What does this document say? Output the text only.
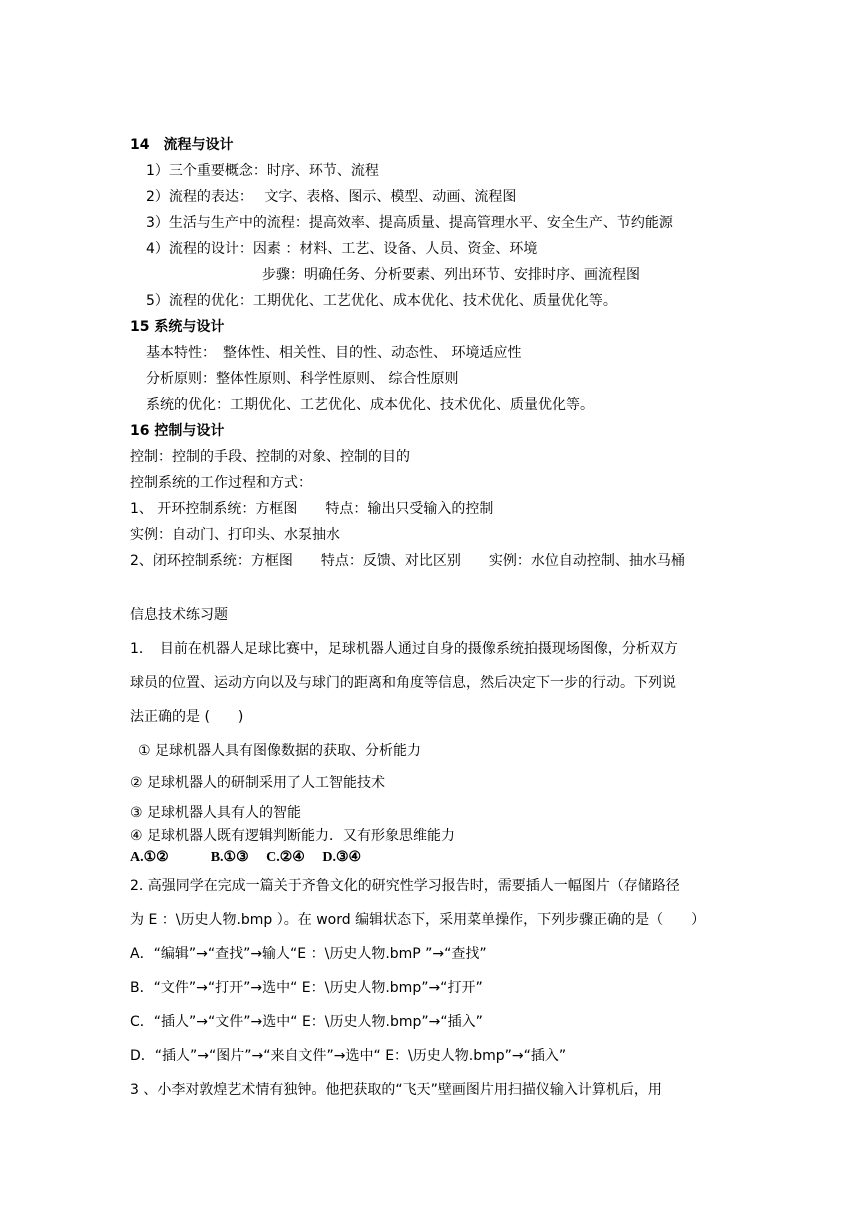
14　流程与设计
1）三个重要概念：时序、环节、流程
2）流程的表达：　 文字、表格、图示、模型、动画、流程图
3）生活与生产中的流程：提高效率、提高质量、提高管理水平、安全生产、节约能源
4）流程的设计：因素 ：材料、工艺、设备、人员、资金、环境
步骤：明确任务、分析要素、列出环节、安排时序、画流程图
5）流程的优化：工期优化、工艺优化、成本优化、技术优化、质量优化等。
15 系统与设计
基本特性：　整体性、相关性、目的性、动态性、 环境适应性
分析原则：整体性原则、科学性原则、 综合性原则
系统的优化：工期优化、工艺优化、成本优化、技术优化、质量优化等。
16 控制与设计
控制：控制的手段、控制的对象、控制的目的
控制系统的工作过程和方式：
1、 开环控制系统：方框图　　特点：输出只受输入的控制
实例：自动门、打印头、水泵抽水
2、闭环控制系统：方框图　　特点：反馈、对比区别　　实例：水位自动控制、抽水马桶
信息技术练习题
1．　目前在机器人足球比赛中，足球机器人通过自身的摄像系统拍摄现场图像，分析双方
球员的位置、运动方向以及与球门的距离和角度等信息，然后决定下一步的行动。下列说
法正确的是 (　　)
① 足球机器人具有图像数据的获取、分析能力
② 足球机器人的研制采用了人工智能技术
③ 足球机器人具有人的智能
④ 足球机器人既有逻辑判断能力．又有形象思维能力
A.①②　　　B.①③　 C.②④　 D.③④
2. 高强同学在完成一篇关于齐鲁文化的研究性学习报告时，需要插人一幅图片（存储路径
为 E ：\历史人物.bmp ）。在 word 编辑状态下，采用菜单操作，下列步骤正确的是（　　）
A．“编辑”→“查找”→输人“E ：\历史人物.bmP ”→“查找”
B．“文件”→“打开”→选中“ E：\历史人物.bmp”→“打开”
C．“插人”→“文件”→选中“ E：\历史人物.bmp”→“插入”
D．“插人”→“图片”→“来自文件”→选中“ E：\历史人物.bmp”→“插入”
3 、小李对敦煌艺术情有独钟。他把获取的“飞天”壁画图片用扫描仪输入计算机后，用
